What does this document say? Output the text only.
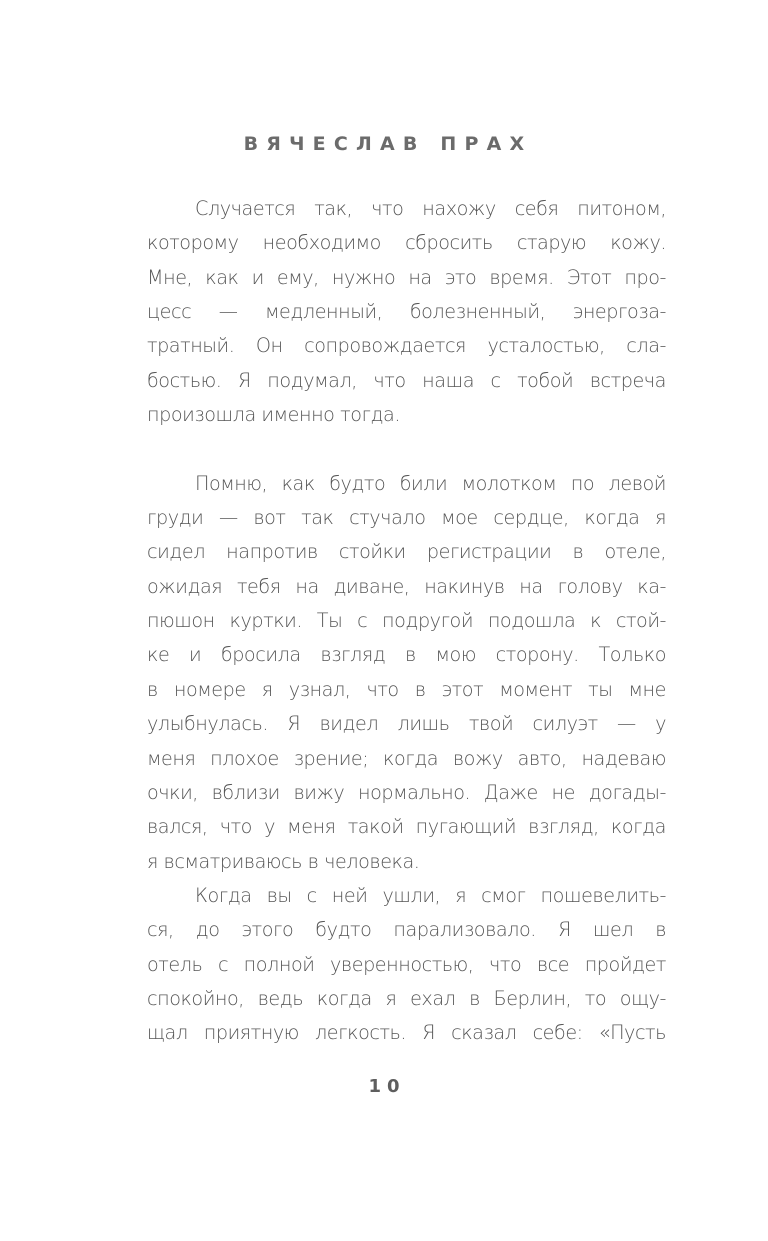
ВЯЧЕСЛАВ ПРАХ
Случается так, что нахожу себя питоном,
которому необходимо сбросить старую кожу.
Мне, как и ему, нужно на это время. Этот про-
цесс — медленный, болезненный, энергоза-
тратный. Он сопровождается усталостью, сла-
бостью. Я подумал, что наша с тобой встреча
произошла именно тогда.
Помню, как будто били молотком по левой
груди — вот так стучало мое сердце, когда я
сидел напротив стойки регистрации в отеле,
ожидая тебя на диване, накинув на голову ка-
пюшон куртки. Ты с подругой подошла к стой-
ке и бросила взгляд в мою сторону. Только
в номере я узнал, что в этот момент ты мне
улыбнулась. Я видел лишь твой силуэт — у
меня плохое зрение; когда вожу авто, надеваю
очки, вблизи вижу нормально. Даже не догады-
вался, что у меня такой пугающий взгляд, когда
я всматриваюсь в человека.
Когда вы с ней ушли, я смог пошевелить-
ся, до этого будто парализовало. Я шел в
отель с полной уверенностью, что все пройдет
спокойно, ведь когда я ехал в Берлин, то ощу-
щал приятную легкость. Я сказал себе: «Пусть
10
